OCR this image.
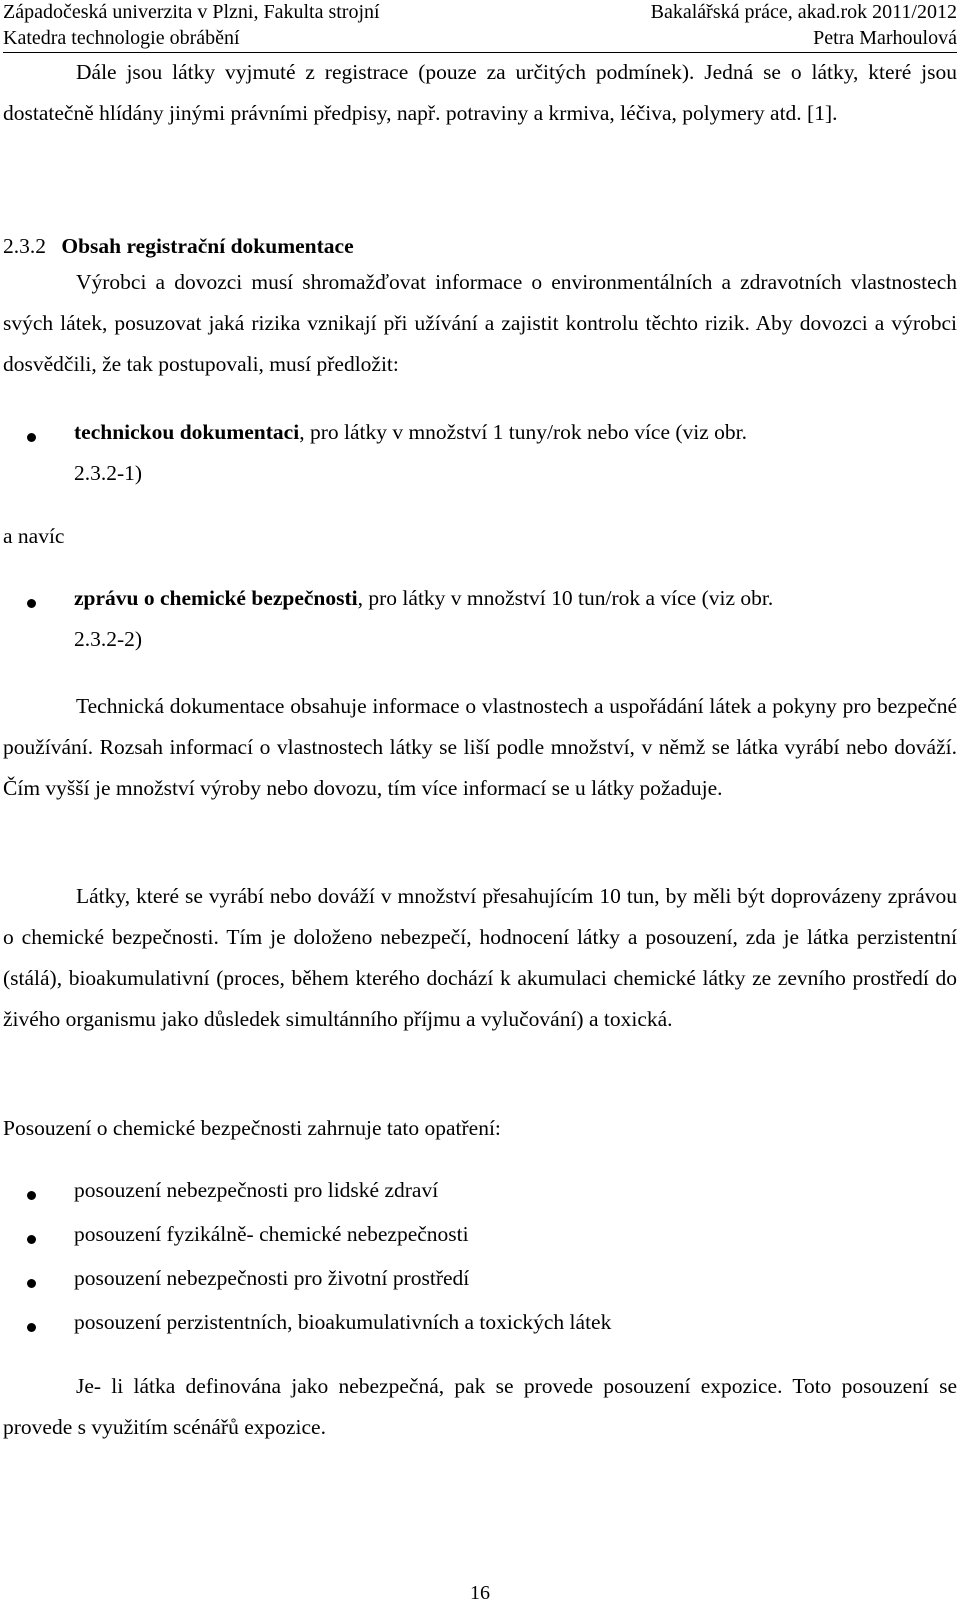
Západočeská univerzita v Plzni, Fakulta strojní	Bakalářská práce, akad.rok 2011/2012
Katedra technologie obrábění	Petra Marhoulová

Dále jsou látky vyjmuté z registrace (pouze za určitých podmínek). Jedná se o látky, které jsou dostatečně hlídány jinými právními předpisy, např. potraviny a krmiva, léčiva, polymery atd. [1].

2.3.2 Obsah registrační dokumentace

Výrobci a dovozci musí shromažďovat informace o environmentálních a zdravotních vlastnostech svých látek, posuzovat jaká rizika vznikají při užívání a zajistit kontrolu těchto rizik. Aby dovozci a výrobci dosvědčili, že tak postupovali, musí předložit:

technickou dokumentaci, pro látky v množství 1 tuny/rok nebo více (viz obr.
2.3.2-1)

a navíc

zprávu o chemické bezpečnosti, pro látky v množství 10 tun/rok a více (viz obr.
2.3.2-2)

Technická dokumentace obsahuje informace o vlastnostech a uspořádání látek a pokyny pro bezpečné používání. Rozsah informací o vlastnostech látky se liší podle množství, v němž se látka vyrábí nebo dováží. Čím vyšší je množství výroby nebo dovozu, tím více informací se u látky požaduje.

Látky, které se vyrábí nebo dováží v množství přesahujícím 10 tun, by měli být doprovázeny zprávou o chemické bezpečnosti. Tím je doloženo nebezpečí, hodnocení látky a posouzení, zda je látka perzistentní (stálá), bioakumulativní (proces, během kterého dochází k akumulaci chemické látky ze zevního prostředí do živého organismu jako důsledek simultánního příjmu a vylučování) a toxická.

Posouzení o chemické bezpečnosti zahrnuje tato opatření:

posouzení nebezpečnosti pro lidské zdraví

posouzení fyzikálně- chemické nebezpečnosti

posouzení nebezpečnosti pro životní prostředí

posouzení perzistentních, bioakumulativních a toxických látek

Je- li látka definována jako nebezpečná, pak se provede posouzení expozice. Toto posouzení se provede s využitím scénářů expozice.

16
